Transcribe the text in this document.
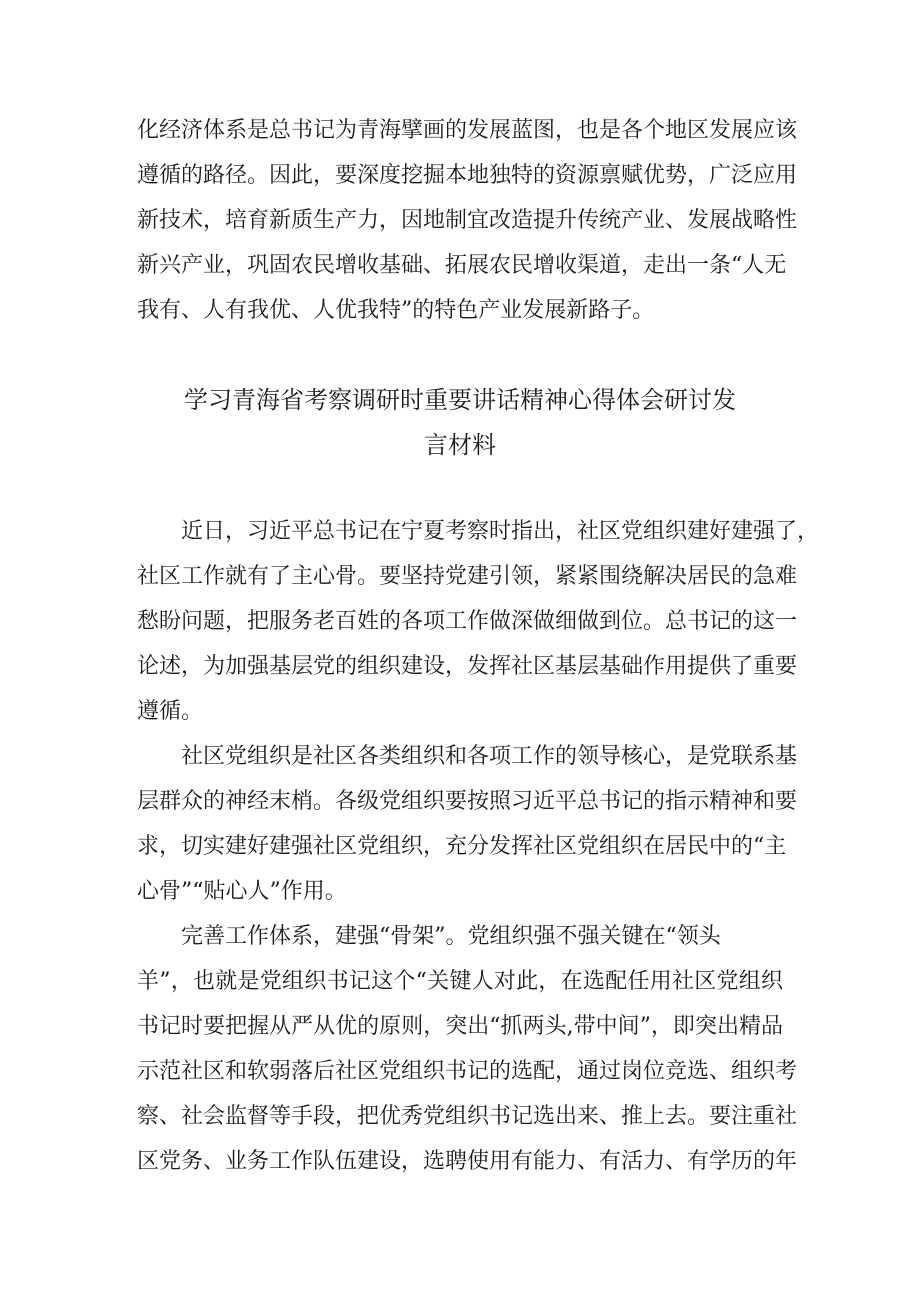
化经济体系是总书记为青海擘画的发展蓝图，也是各个地区发展应该

遵循的路径。因此，要深度挖掘本地独特的资源禀赋优势，广泛应用

新技术，培育新质生产力，因地制宜改造提升传统产业、发展战略性

新兴产业，巩固农民增收基础、拓展农民增收渠道，走出一条“人无

我有、人有我优、人优我特”的特色产业发展新路子。

学习青海省考察调研时重要讲话精神心得体会研讨发
言材料

近日，习近平总书记在宁夏考察时指出，社区党组织建好建强了，

社区工作就有了主心骨。要坚持党建引领，紧紧围绕解决居民的急难

愁盼问题，把服务老百姓的各项工作做深做细做到位。总书记的这一

论述，为加强基层党的组织建设，发挥社区基层基础作用提供了重要

遵循。

社区党组织是社区各类组织和各项工作的领导核心，是党联系基

层群众的神经末梢。各级党组织要按照习近平总书记的指示精神和要

求，切实建好建强社区党组织，充分发挥社区党组织在居民中的“主

心骨”“贴心人”作用。

完善工作体系，建强“骨架”。党组织强不强关键在“领头

羊”，也就是党组织书记这个“关键人对此，在选配任用社区党组织

书记时要把握从严从优的原则，突出“抓两头,带中间”，即突出精品

示范社区和软弱落后社区党组织书记的选配，通过岗位竞选、组织考

察、社会监督等手段，把优秀党组织书记选出来、推上去。要注重社

区党务、业务工作队伍建设，选聘使用有能力、有活力、有学历的年
